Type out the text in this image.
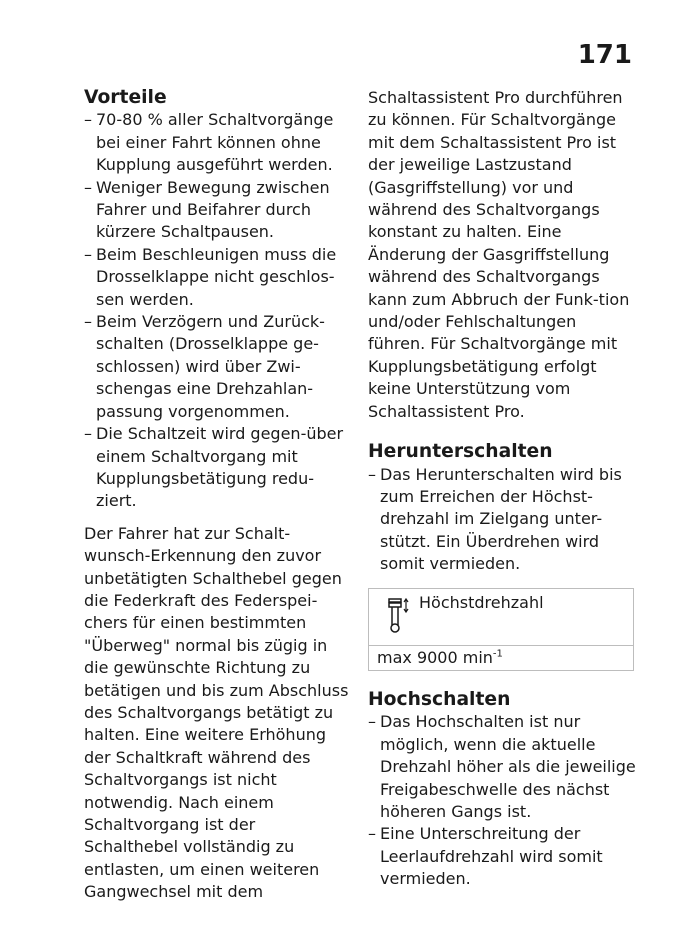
171
Vorteile
– 70-80 % aller Schaltvorgänge bei einer Fahrt können ohne Kupplung ausgeführt werden.
– Weniger Bewegung zwischen Fahrer und Beifahrer durch kürzere Schaltpausen.
– Beim Beschleunigen muss die Drosselklappe nicht geschlos-sen werden.
– Beim Verzögern und Zurück-schalten (Drosselklappe ge-schlossen) wird über Zwi-schengas eine Drehzahlan-passung vorgenommen.
– Die Schaltzeit wird gegen-über einem Schaltvorgang mit Kupplungsbetätigung redu-ziert.

Der Fahrer hat zur Schalt-wunsch-Erkennung den zuvor unbetätigten Schalthebel gegen die Federkraft des Federspei-chers für einen bestimmten "Überweg" normal bis zügig in die gewünschte Richtung zu betätigen und bis zum Abschluss des Schaltvorgangs betätigt zu halten. Eine weitere Erhöhung der Schaltkraft während des Schaltvorgangs ist nicht notwendig. Nach einem Schaltvorgang ist der Schalthebel vollständig zu entlasten, um einen weiteren Gangwechsel mit dem

Schaltassistent Pro durchführen zu können. Für Schaltvorgänge mit dem Schaltassistent Pro ist der jeweilige Lastzustand (Gasgriffstellung) vor und während des Schaltvorgangs konstant zu halten. Eine Änderung der Gasgriffstellung während des Schaltvorgangs kann zum Abbruch der Funk-tion und/oder Fehlschaltungen führen. Für Schaltvorgänge mit Kupplungsbetätigung erfolgt keine Unterstützung vom Schaltassistent Pro.

Herunterschalten
– Das Herunterschalten wird bis zum Erreichen der Höchst-drehzahl im Zielgang unter-stützt. Ein Überdrehen wird somit vermieden.
Höchstdrehzahl
max 9000 $\min^{-1}$
Hochschalten
– Das Hochschalten ist nur möglich, wenn die aktuelle Drehzahl höher als die jeweilige Freigabeschwelle des nächst höheren Gangs ist.
– Eine Unterschreitung der Leerlaufdrehzahl wird somit vermieden.
